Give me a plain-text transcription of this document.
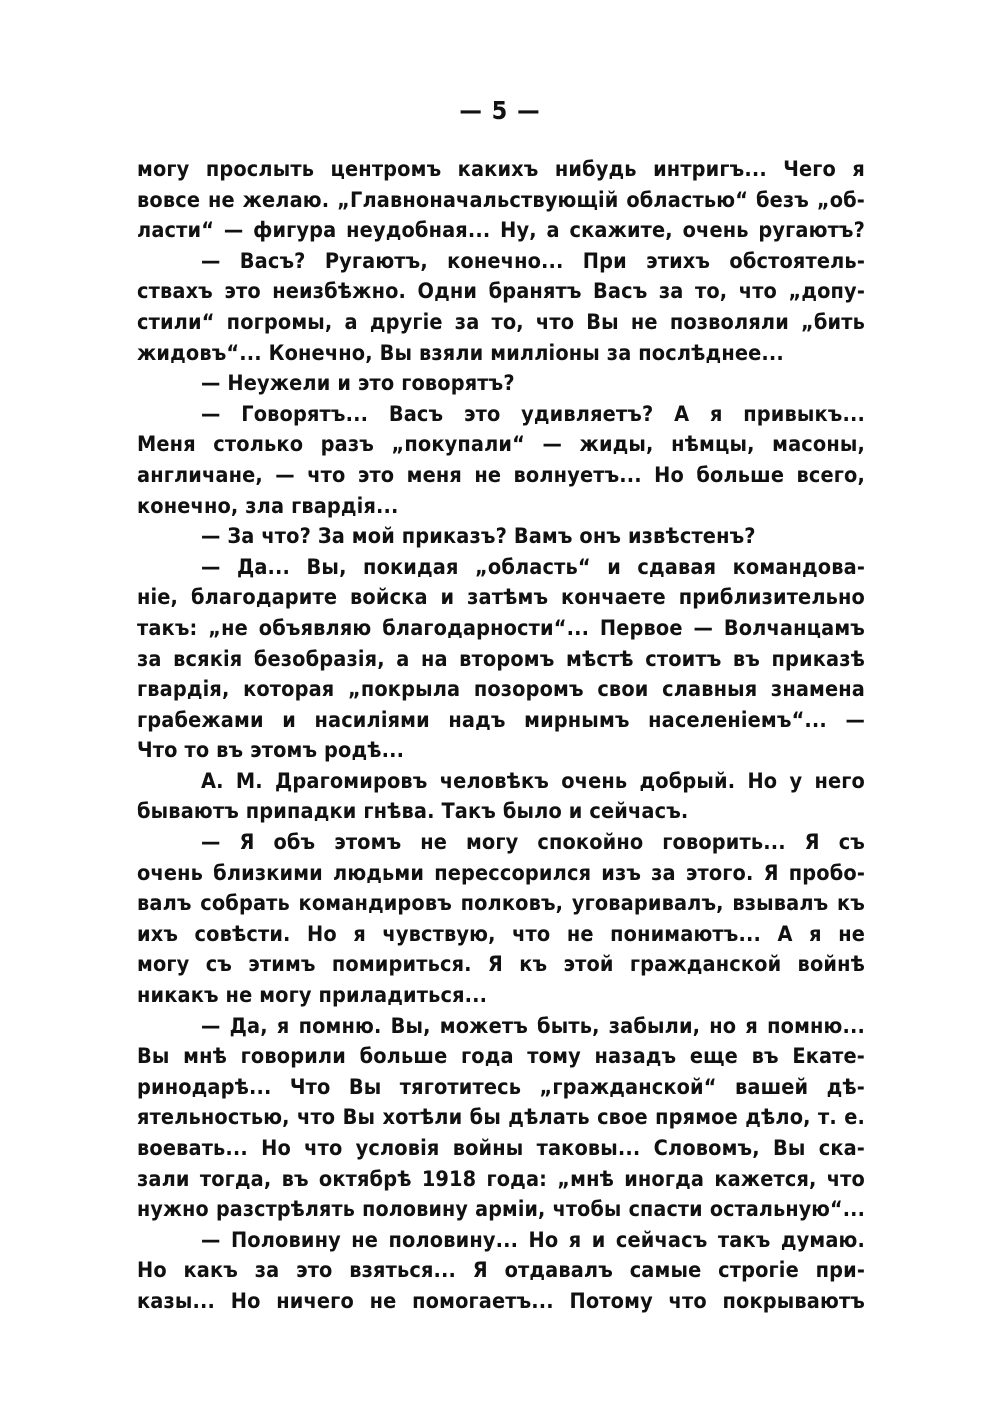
— 5 —
могу прослыть центромъ какихъ нибудь интригъ... Чего я
вовсе не желаю. „Главноначальствующій областью“ безъ „об-
ласти“ — фигура неудобная... Ну, а скажите, очень ругаютъ?
— Васъ? Ругаютъ, конечно... При этихъ обстоятель-
ствахъ это неизбѣжно. Одни бранятъ Васъ за то, что „допу-
стили“ погромы, а другіе за то, что Вы не позволяли „бить
жидовъ“... Конечно, Вы взяли милліоны за послѣднее...
— Неужели и это говорятъ?
— Говорятъ... Васъ это удивляетъ? А я привыкъ...
Меня столько разъ „покупали“ — жиды, нѣмцы, масоны,
англичане, — что это меня не волнуетъ... Но больше всего,
конечно, зла гвардія...
— За что? За мой приказъ? Вамъ онъ извѣстенъ?
— Да... Вы, покидая „область“ и сдавая командова-
ніе, благодарите войска и затѣмъ кончаете приблизительно
такъ: „не объявляю благодарности“... Первое — Волчанцамъ
за всякія безобразія, а на второмъ мѣстѣ стоитъ въ приказѣ
гвардія, которая „покрыла позоромъ свои славныя знамена
грабежами и насиліями надъ мирнымъ населеніемъ“... —
Что то въ этомъ родѣ...
А. М. Драгомировъ человѣкъ очень добрый. Но у него
бываютъ припадки гнѣва. Такъ было и сейчасъ.
— Я объ этомъ не могу спокойно говорить... Я съ
очень близкими людьми перессорился изъ за этого. Я пробо-
валъ собрать командировъ полковъ, уговаривалъ, взывалъ къ
ихъ совѣсти. Но я чувствую, что не понимаютъ... А я не
могу съ этимъ помириться. Я къ этой гражданской войнѣ
никакъ не могу приладиться...
— Да, я помню. Вы, можетъ быть, забыли, но я помню...
Вы мнѣ говорили больше года тому назадъ еще въ Екате-
ринодарѣ... Что Вы тяготитесь „гражданской“ вашей дѣ-
ятельностью, что Вы хотѣли бы дѣлать свое прямое дѣло, т. е.
воевать... Но что условія войны таковы... Словомъ, Вы ска-
зали тогда, въ октябрѣ 1918 года: „мнѣ иногда кажется, что
нужно разстрѣлять половину арміи, чтобы спасти остальную“...
— Половину не половину... Но я и сейчасъ такъ думаю.
Но какъ за это взяться... Я отдавалъ самые строгіе при-
казы... Но ничего не помогаетъ... Потому что покрываютъ
